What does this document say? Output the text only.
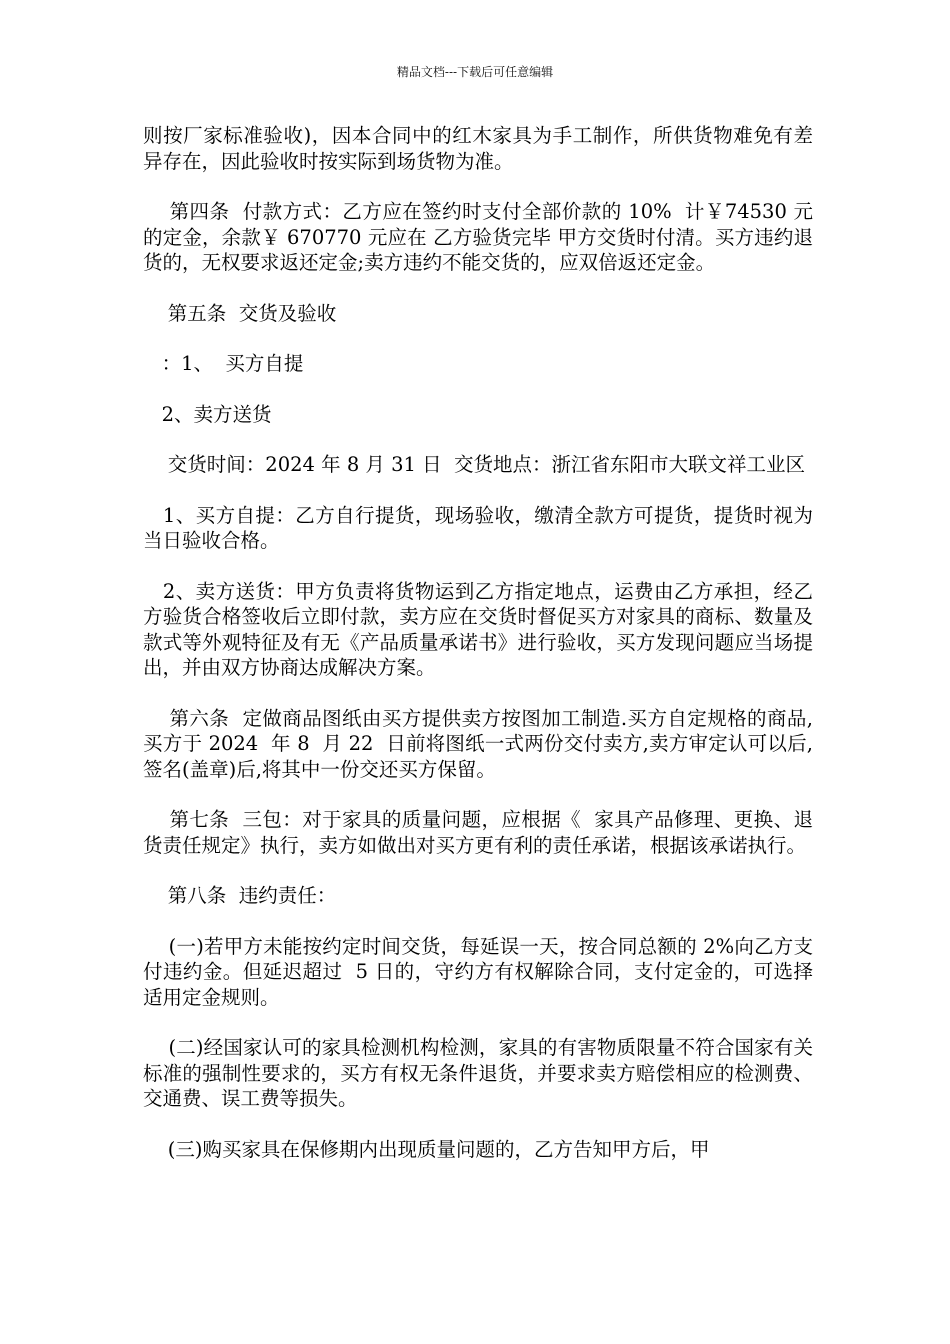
精品文档---下载后可任意编辑

则按厂家标准验收)，因本合同中的红木家具为手工制作，所供货物难免有差异存在，因此验收时按实际到场货物为准。

第四条  付款方式：乙方应在签约时支付全部价款的 10%  计￥74530 元的定金，余款￥ 670770 元应在 乙方验货完毕 甲方交货时付清。买方违约退货的，无权要求返还定金;卖方违约不能交货的，应双倍返还定金。

第五条  交货及验收

：1、  买方自提

2、卖方送货

交货时间：2024 年 8 月 31 日  交货地点：浙江省东阳市大联文祥工业区

1、买方自提：乙方自行提货，现场验收，缴清全款方可提货，提货时视为当日验收合格。

2、卖方送货：甲方负责将货物运到乙方指定地点，运费由乙方承担，经乙方验货合格签收后立即付款，卖方应在交货时督促买方对家具的商标、数量及款式等外观特征及有无《产品质量承诺书》进行验收，买方发现问题应当场提出，并由双方协商达成解决方案。

第六条  定做商品图纸由买方提供卖方按图加工制造.买方自定规格的商品,买方于 2024  年 8  月 22  日前将图纸一式两份交付卖方,卖方审定认可以后,签名(盖章)后,将其中一份交还买方保留。

第七条  三包：对于家具的质量问题，应根据《  家具产品修理、更换、退货责任规定》执行，卖方如做出对买方更有利的责任承诺，根据该承诺执行。

第八条  违约责任：

(一)若甲方未能按约定时间交货，每延误一天，按合同总额的 2%向乙方支付违约金。但延迟超过  5 日的，守约方有权解除合同，支付定金的，可选择适用定金规则。

(二)经国家认可的家具检测机构检测，家具的有害物质限量不符合国家有关标准的强制性要求的，买方有权无条件退货，并要求卖方赔偿相应的检测费、交通费、误工费等损失。

(三)购买家具在保修期内出现质量问题的，乙方告知甲方后，甲
